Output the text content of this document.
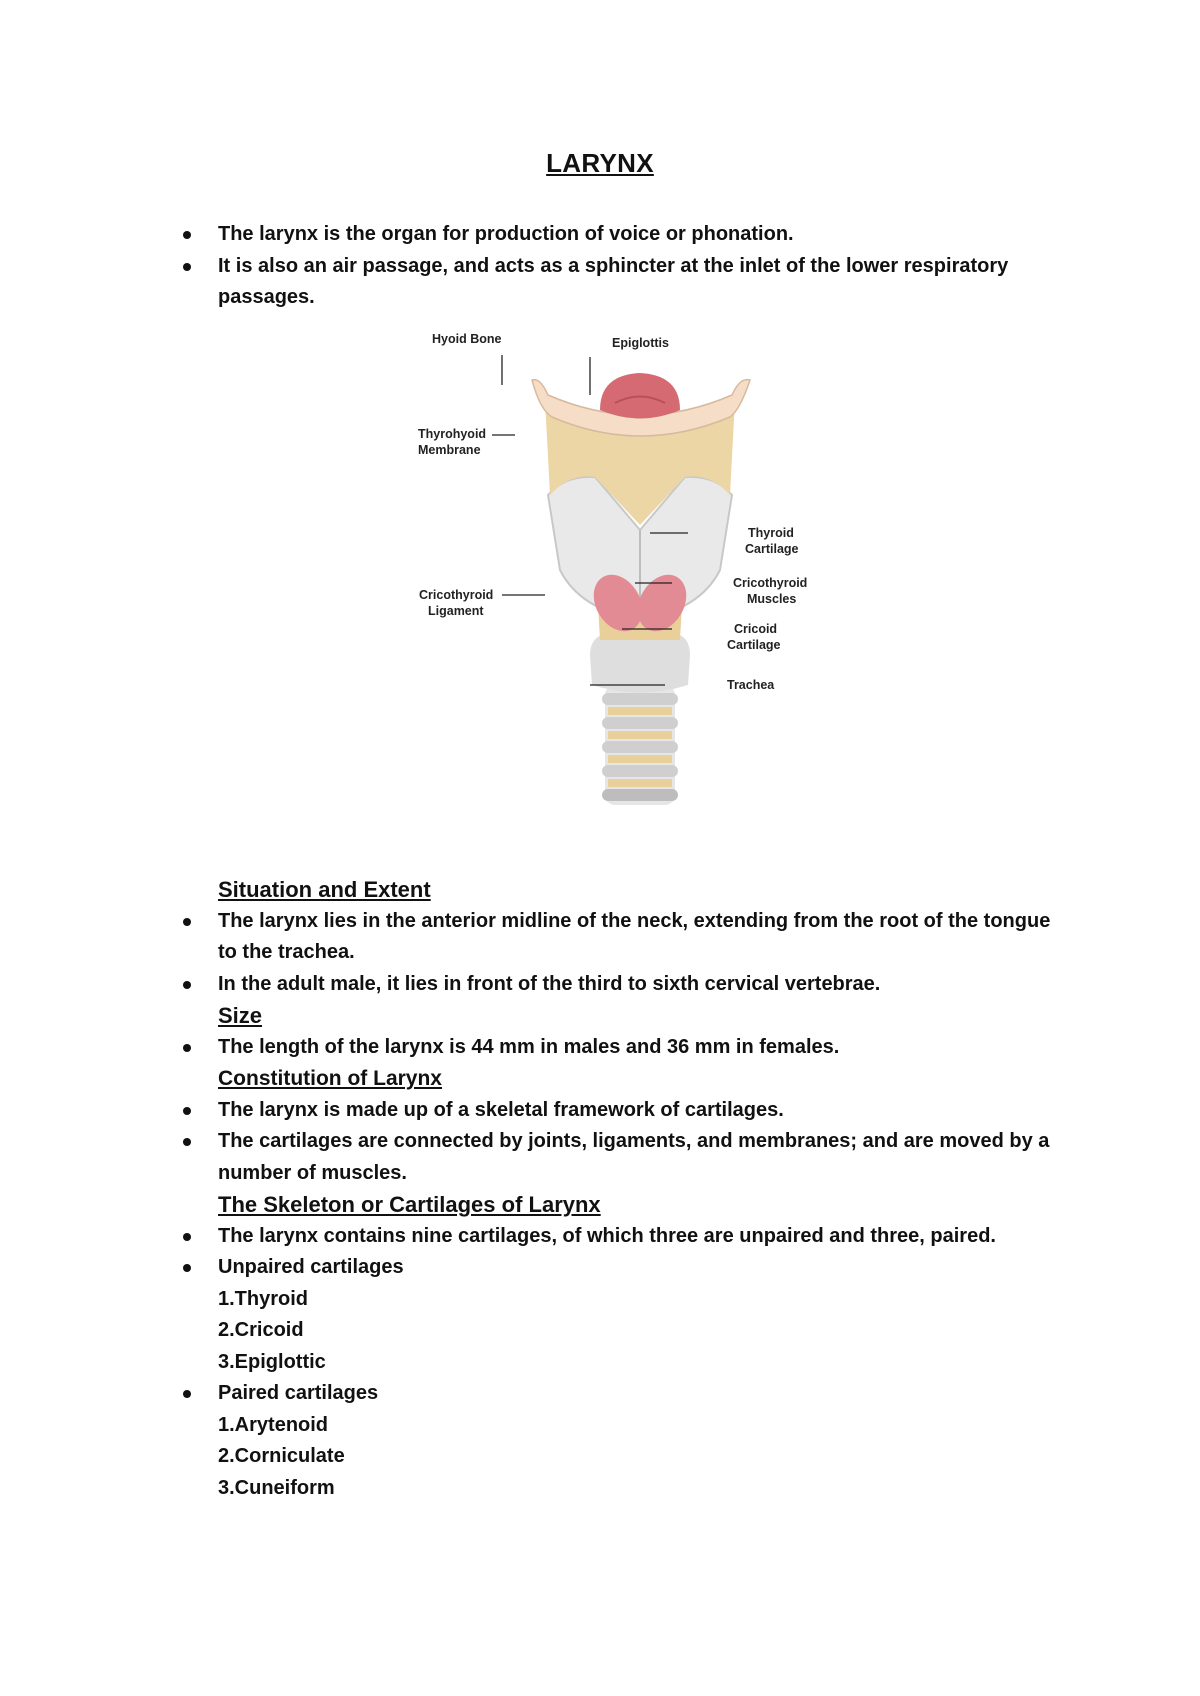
LARYNX
The larynx is the organ for production of voice or phonation.
It is also an air passage, and acts as a sphincter at the inlet of the lower respiratory
passages.
Hyoid Bone	Epiglottis
Thyrohyoid
Membrane
Thyroid
Cartilage
Cricothyroid
Ligament
Cricothyroid
Muscles
Cricoid
Cartilage
Trachea
Situation and Extent
The larynx lies in the anterior midline of the neck, extending from the root of the tongue
to the trachea.
In the adult male, it lies in front of the third to sixth cervical vertebrae.
Size
The length of the larynx is 44 mm in males and 36 mm in females.
Constitution of Larynx
The larynx is made up of a skeletal framework of cartilages.
The cartilages are connected by joints, ligaments, and membranes; and are moved by a
number of muscles.
The Skeleton or Cartilages of Larynx
The larynx contains nine cartilages, of which three are unpaired and three, paired.
Unpaired cartilages
1.Thyroid
2.Cricoid
3.Epiglottic
Paired cartilages
1.Arytenoid
2.Corniculate
3.Cuneiform
